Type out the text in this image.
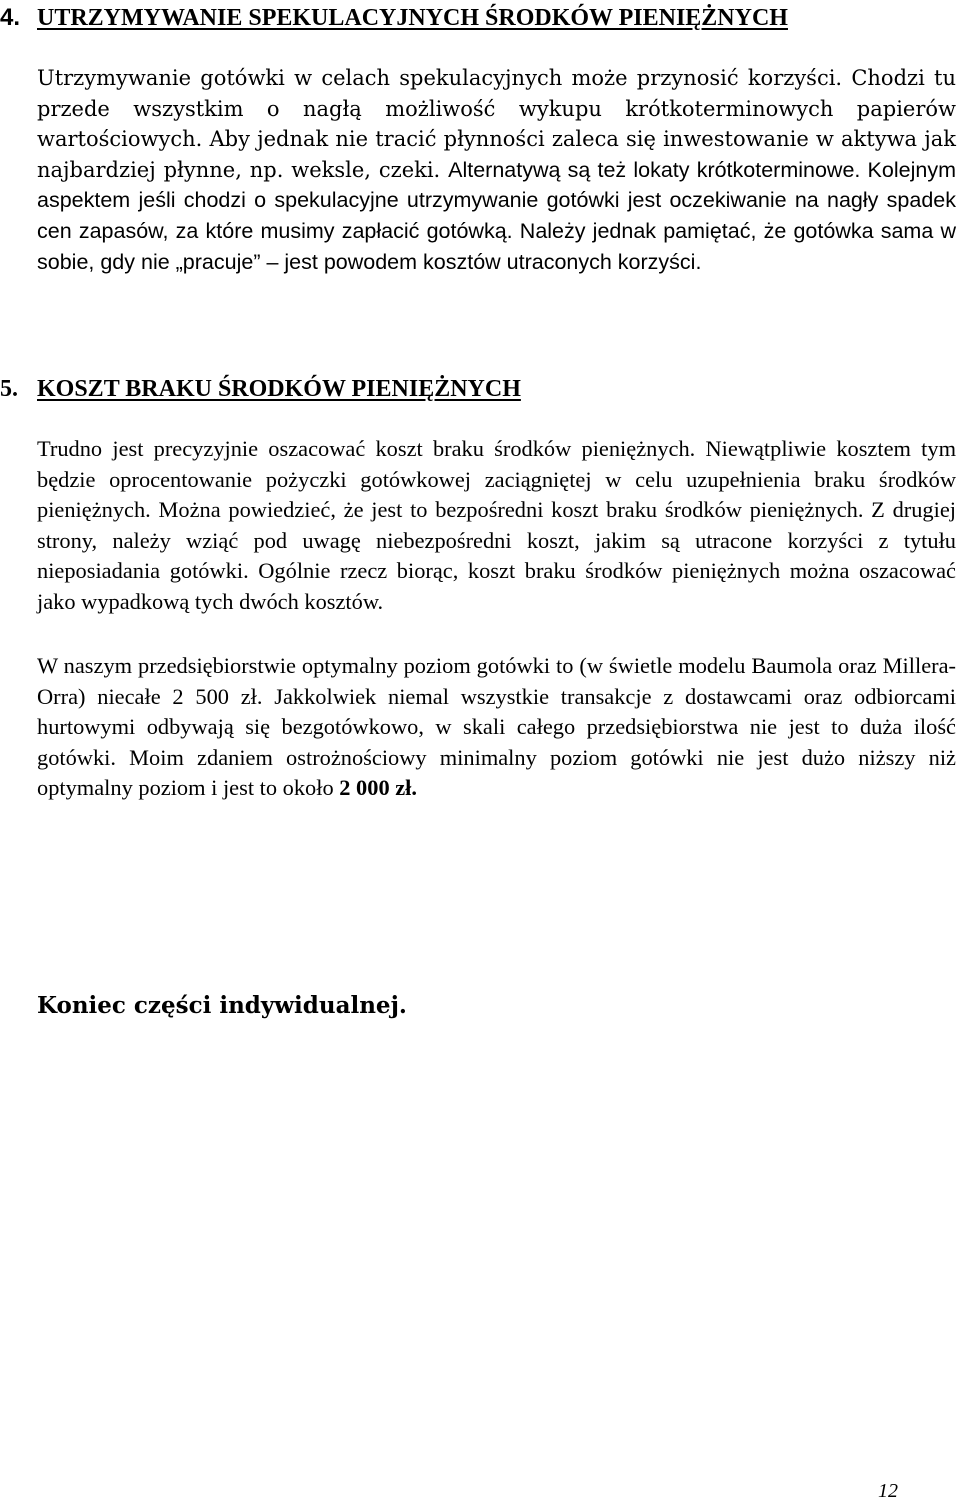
4. UTRZYMYWANIE SPEKULACYJNYCH ŚRODKÓW PIENIĘŻNYCH

Utrzymywanie gotówki w celach spekulacyjnych może przynosić korzyści. Chodzi tu przede wszystkim o nagłą możliwość wykupu krótkoterminowych papierów wartościowych. Aby jednak nie tracić płynności zaleca się inwestowanie w aktywa jak najbardziej płynne, np. weksle, czeki. Alternatywą są też lokaty krótkoterminowe. Kolejnym aspektem jeśli chodzi o spekulacyjne utrzymywanie gotówki jest oczekiwanie na nagły spadek cen zapasów, za które musimy zapłacić gotówką. Należy jednak pamiętać, że gotówka sama w sobie, gdy nie „pracuje” – jest powodem kosztów utraconych korzyści.

5. KOSZT BRAKU ŚRODKÓW PIENIĘŻNYCH

Trudno jest precyzyjnie oszacować koszt braku środków pieniężnych. Niewątpliwie kosztem tym będzie oprocentowanie pożyczki gotówkowej zaciągniętej w celu uzupełnienia braku środków pieniężnych. Można powiedzieć, że jest to bezpośredni koszt braku środków pieniężnych. Z drugiej strony, należy wziąć pod uwagę niebezpośredni koszt, jakim są utracone korzyści z tytułu nieposiadania gotówki. Ogólnie rzecz biorąc, koszt braku środków pieniężnych można oszacować jako wypadkową tych dwóch kosztów.

W naszym przedsiębiorstwie optymalny poziom gotówki to (w świetle modelu Baumola oraz Millera-Orra) niecałe 2 500 zł. Jakkolwiek niemal wszystkie transakcje z dostawcami oraz odbiorcami hurtowymi odbywają się bezgotówkowo, w skali całego przedsiębiorstwa nie jest to duża ilość gotówki. Moim zdaniem ostrożnościowy minimalny poziom gotówki nie jest dużo niższy niż optymalny poziom i jest to około 2 000 zł.

Koniec części indywidualnej.
12
